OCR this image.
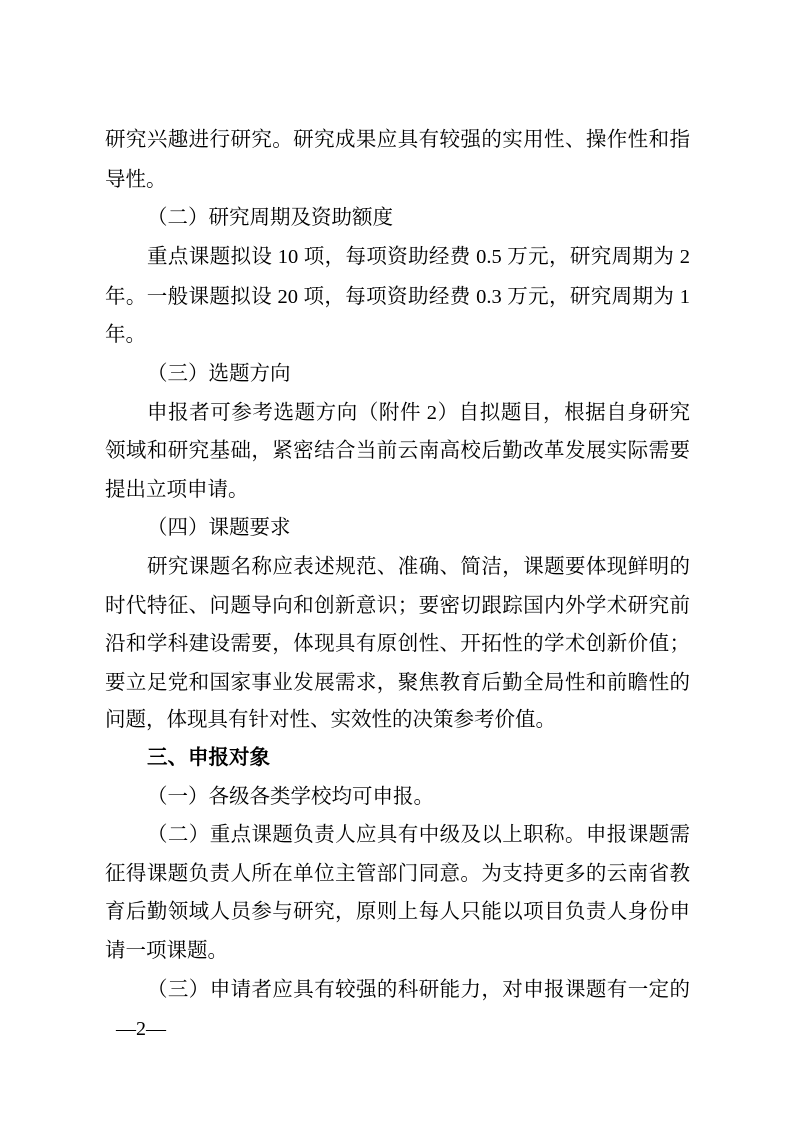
研究兴趣进行研究。研究成果应具有较强的实用性、操作性和指
导性。
（二）研究周期及资助额度
重点课题拟设 10 项，每项资助经费 0.5 万元，研究周期为 2
年。一般课题拟设 20 项，每项资助经费 0.3 万元，研究周期为 1
年。
（三）选题方向
申报者可参考选题方向（附件 2）自拟题目，根据自身研究
领域和研究基础，紧密结合当前云南高校后勤改革发展实际需要
提出立项申请。
（四）课题要求
研究课题名称应表述规范、准确、简洁，课题要体现鲜明的
时代特征、问题导向和创新意识；要密切跟踪国内外学术研究前
沿和学科建设需要，体现具有原创性、开拓性的学术创新价值；
要立足党和国家事业发展需求，聚焦教育后勤全局性和前瞻性的
问题，体现具有针对性、实效性的决策参考价值。
三、申报对象
（一）各级各类学校均可申报。
（二）重点课题负责人应具有中级及以上职称。申报课题需
征得课题负责人所在单位主管部门同意。为支持更多的云南省教
育后勤领域人员参与研究，原则上每人只能以项目负责人身份申
请一项课题。
（三）申请者应具有较强的科研能力，对申报课题有一定的
—2—
